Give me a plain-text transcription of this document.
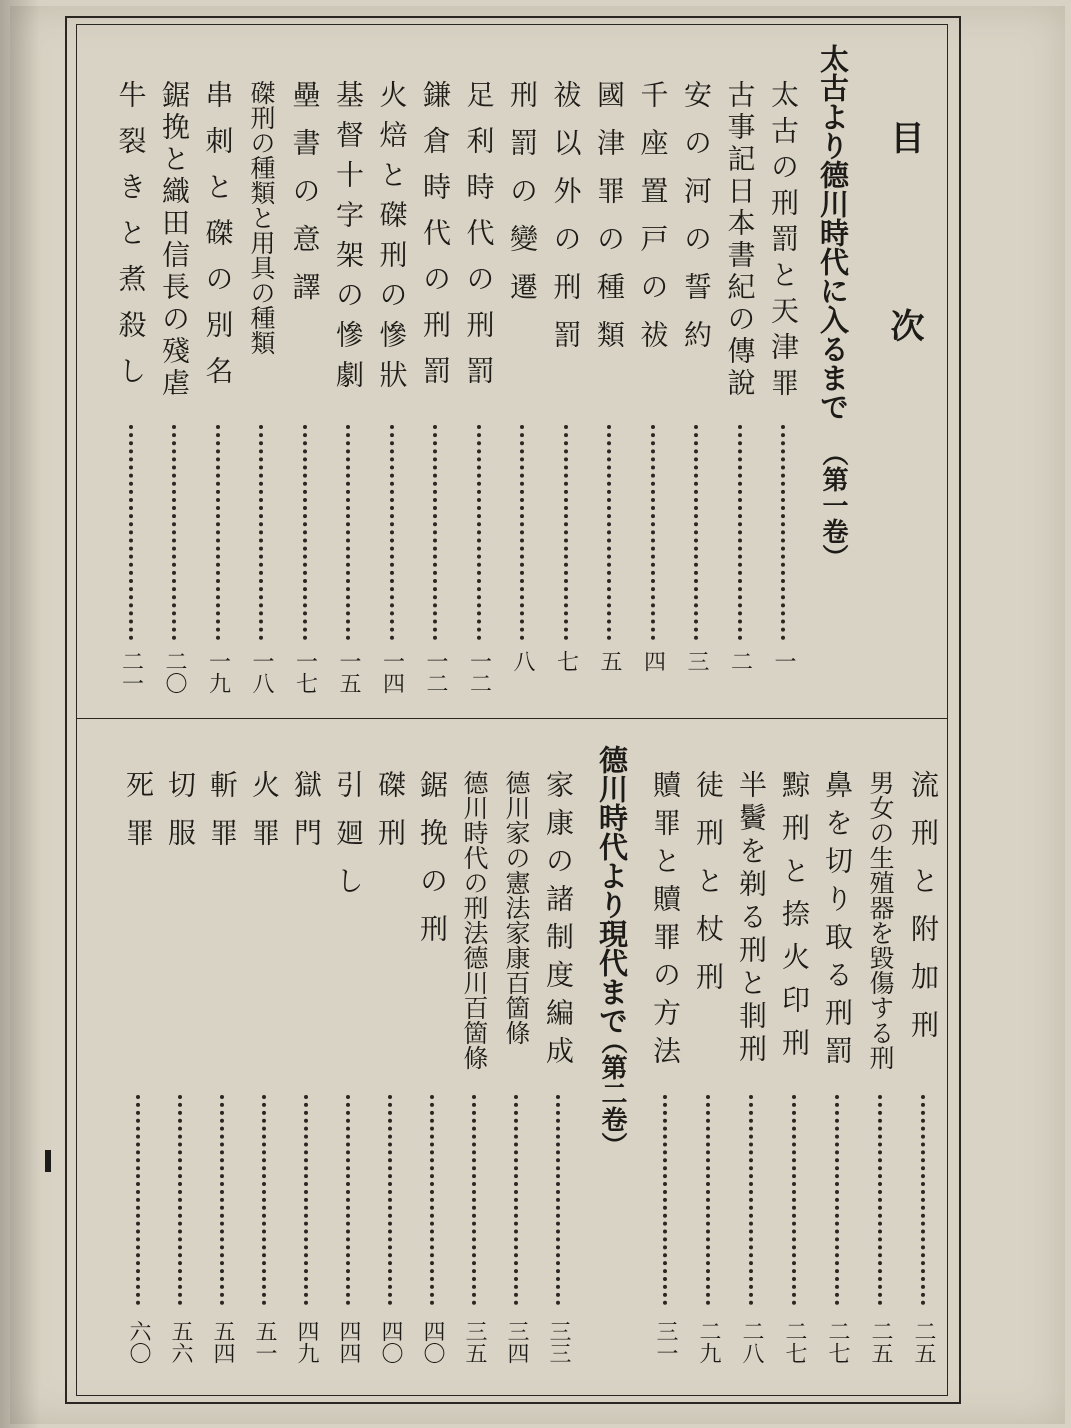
目　次
太古より德川時代に入るまで
（第一卷）
太古の刑罰と天津罪
一
古事記日本書紀の傳說
二
安の河の誓約
三
千座置戸の祓
四
國津罪の種類
五
祓以外の刑罰
七
刑罰の變遷
八
足利時代の刑罰
一二
鎌倉時代の刑罰
一二
火焙と磔刑の慘狀
一四
基督十字架の慘劇
一五
壘書の意譯
一七
磔刑の種類と用具の種類
一八
串刺と磔の別名
一九
鋸挽と織田信長の殘虐
二〇
牛裂きと煮殺し
二一
流刑と附加刑
二五
男女の生殖器を毀傷する刑
二五
鼻を切り取る刑罰
二七
黥刑と捺火印刑
二七
半鬢を剃る刑と剕刑
二八
徒刑と杖刑
二九
贖罪と贖罪の方法
三一
德川時代より現代まで
（第二卷）
家康の諸制度編成
三三
德川家の憲法家康百箇條
三四
德川時代の刑法德川百箇條
三五
鋸挽の刑
四〇
磔刑
四〇
引廻し
四四
獄門
四九
火罪
五一
斬罪
五四
切服
五六
死罪
六〇
